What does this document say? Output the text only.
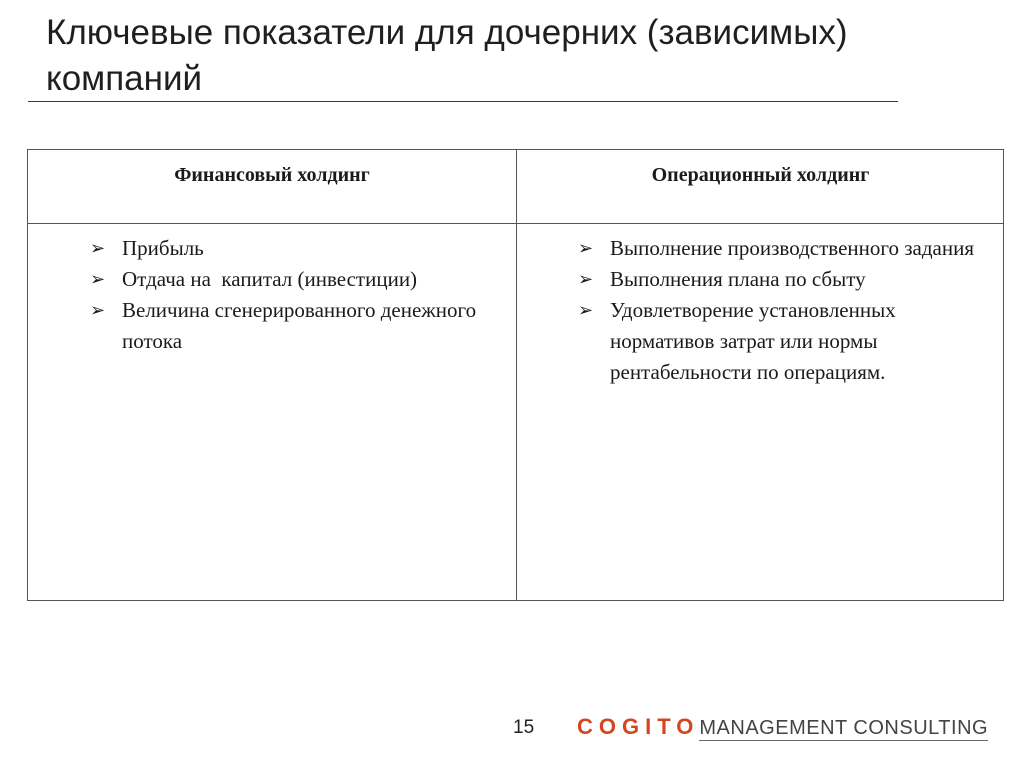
Ключевые показатели для дочерних (зависимых) компаний
Финансовый холдинг	Операционный холдинг
➢ Прибыль
➢ Отдача на  капитал (инвестиции)
➢ Величина сгенерированного денежного потока
➢ Выполнение производственного задания
➢ Выполнения плана по сбыту
➢ Удовлетворение установленных нормативов затрат или нормы рентабельности по операциям.
15 COGITOMANAGEMENT CONSULTING
